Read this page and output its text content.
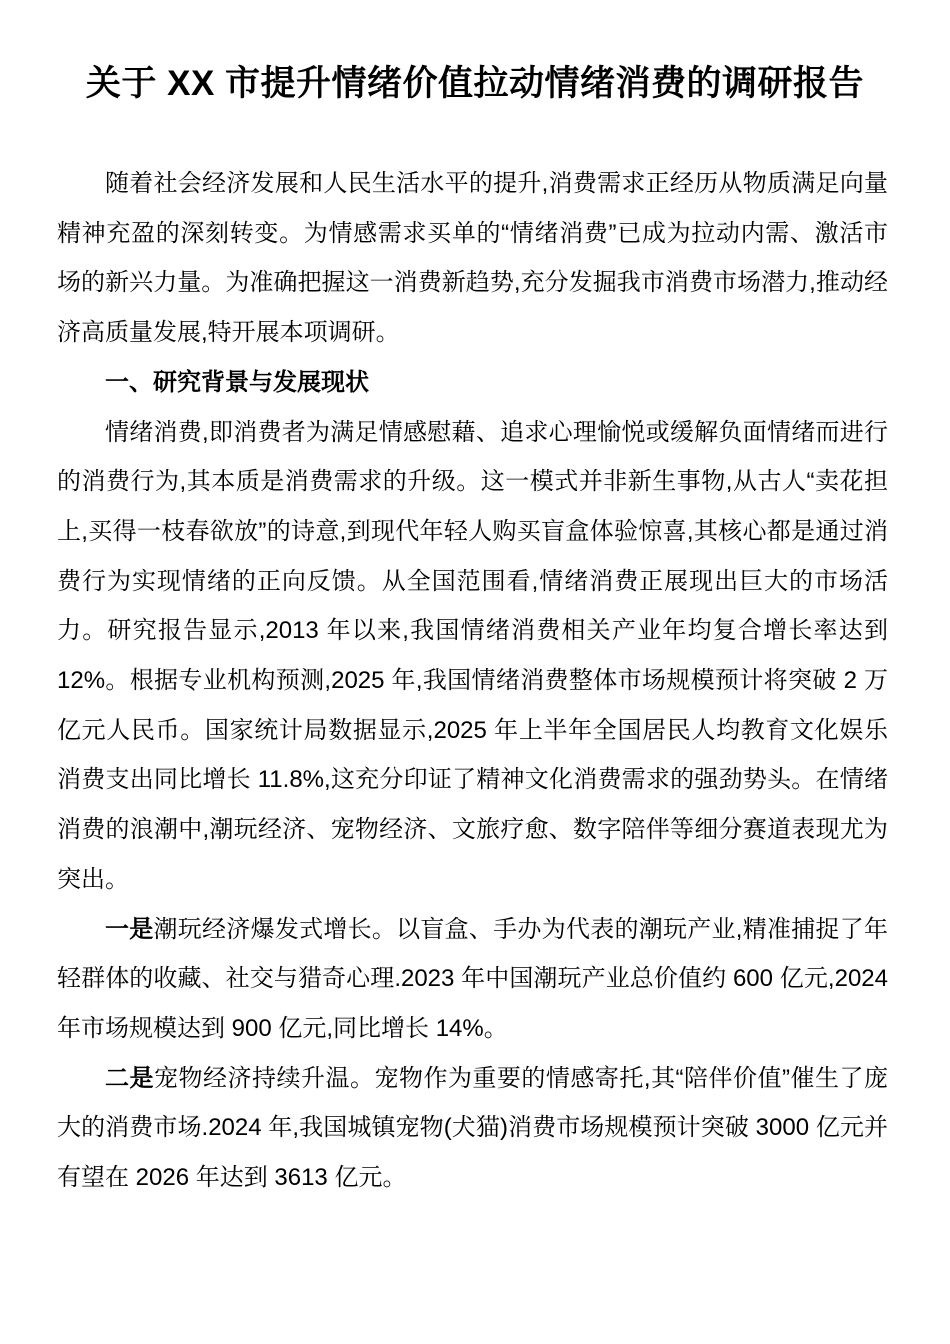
关于 XX 市提升情绪价值拉动情绪消费的调研报告

随着社会经济发展和人民生活水平的提升,消费需求正经历从物质满足向量精神充盈的深刻转变。为情感需求买单的“情绪消费”已成为拉动内需、激活市场的新兴力量。为准确把握这一消费新趋势,充分发掘我市消费市场潜力,推动经济高质量发展,特开展本项调研。

一、研究背景与发展现状

情绪消费,即消费者为满足情感慰藉、追求心理愉悦或缓解负面情绪而进行的消费行为,其本质是消费需求的升级。这一模式并非新生事物,从古人“卖花担上,买得一枝春欲放”的诗意,到现代年轻人购买盲盒体验惊喜,其核心都是通过消费行为实现情绪的正向反馈。从全国范围看,情绪消费正展现出巨大的市场活力。研究报告显示,2013 年以来,我国情绪消费相关产业年均复合增长率达到 12%。根据专业机构预测,2025 年,我国情绪消费整体市场规模预计将突破 2 万亿元人民币。国家统计局数据显示,2025 年上半年全国居民人均教育文化娱乐消费支出同比增长 11.8%,这充分印证了精神文化消费需求的强劲势头。在情绪消费的浪潮中,潮玩经济、宠物经济、文旅疗愈、数字陪伴等细分赛道表现尤为突出。

一是潮玩经济爆发式增长。以盲盒、手办为代表的潮玩产业,精准捕捉了年轻群体的收藏、社交与猎奇心理.2023 年中国潮玩产业总价值约 600 亿元,2024 年市场规模达到 900 亿元,同比增长 14%。

二是宠物经济持续升温。宠物作为重要的情感寄托,其“陪伴价值”催生了庞大的消费市场.2024 年,我国城镇宠物(犬猫)消费市场规模预计突破 3000 亿元并有望在 2026 年达到 3613 亿元。
